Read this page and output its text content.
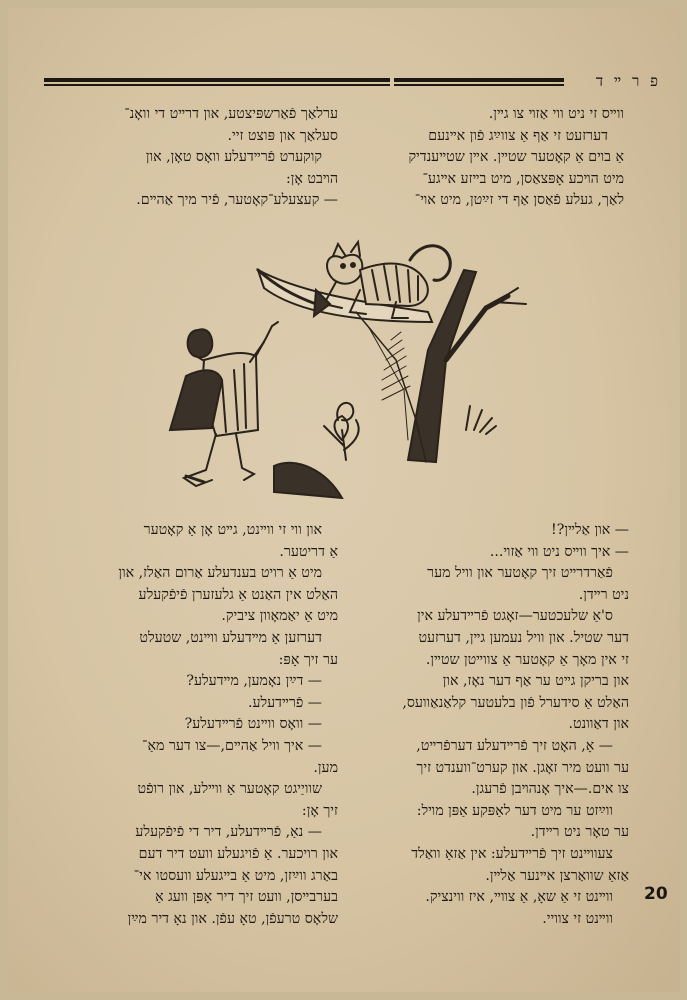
פ ר ײ ד

ווײס זי ניט ווי אַזױ צו גײן.

דערזעט זי אַף אַ צווײַג פֿון אײנעם

אַ בױם אַ קאָטער שטײן. אײן שטײענדיק

מיט הױכע אָפּצאַסן, מיט בײזע אײגע־

לאַך, געלע פֿאַסן אַף די זײַטן, מיט אױ־

ערלאַך פֿאַרשפּיצטע, און דרײט די וואָנ־

סעלאַך און פּוצט זיי.

קוקערט פֿרײדעלע וואָס טאָן, און

הױבט אָן:

— קעצעלע־קאָטער, פֿיר מיך אַהײם.

— און אַלײן?!

— איך ווײס ניט ווי אַזױ...

פֿאַרדרײט זיך קאָטער און וויל מער

ניט רײדן.

ס'אַ שלעכטער—זאָגט פֿרײדעלע אין

דער שטיל. און וויל נעמען גײן, דערזעט

זי אין מאָך אַ קאָטער אַ צווײטן שטײן.

און בריקן גײט ער אַף דער נאָז, און

האַלט אַ סידערל פֿון בלעטער קלאַנאַוועס,

און דאַוונט.

— אָ, האָט זיך פֿרײדעלע דערפֿרײט,

ער וועט מיר זאָגן. און קערט־ווענדט זיך

צו אים.—איך אָנהױבן פֿרעגן.

ווײַזט ער מיט דער לאַפּקע אַפּן מױל:

ער טאָר ניט רײדן.

צעווײנט זיך פֿרײדעלע: אין אַזאַ וואַלד

אַזאַ שוואַרצן אײנער אַלײן.

ווײנט זי אַ שאָ, אַ צװײ, איז ווינציק.

ווײנט זי צוויי.

און ווי זי ווײנט, גײט אָן אַ קאָטער

אַ דריטער.

מיט אַ רויט בענדעלע אַרום האַלז, און

האַלט אין האַנט אַ גלעזערן פֿיפֿקעלע

מיט אַ יאַמאָוון ציביק.

דערזען אַ מײדעלע ווײנט, שטעלט

ער זיך אָפּ:

— דײַן נאָמען, מײדעלע?

— פֿרײדעלע.

— וואָס ווײנט פֿרײדעלע?

— איך וויל אַהײם,—צו דער מאַ־

מען.

שוויַיגט קאָטער אַ ווײלע, און רופֿט

זיך אָן:

— נאַ, פֿרײדעלע, דיר די פֿיפֿקעלע

און רויכער. אַ פֿויגעלע וועט דיר דעם

באַרג ווײַזן, מיט אַ בײגעלע וועסטו אי־

בערבײסן, וועט זיך דיר אָפּן וועג אַ

שלאָס טרעפֿן, טאָ עפֿן. און נאָ דיר מײַן

20
